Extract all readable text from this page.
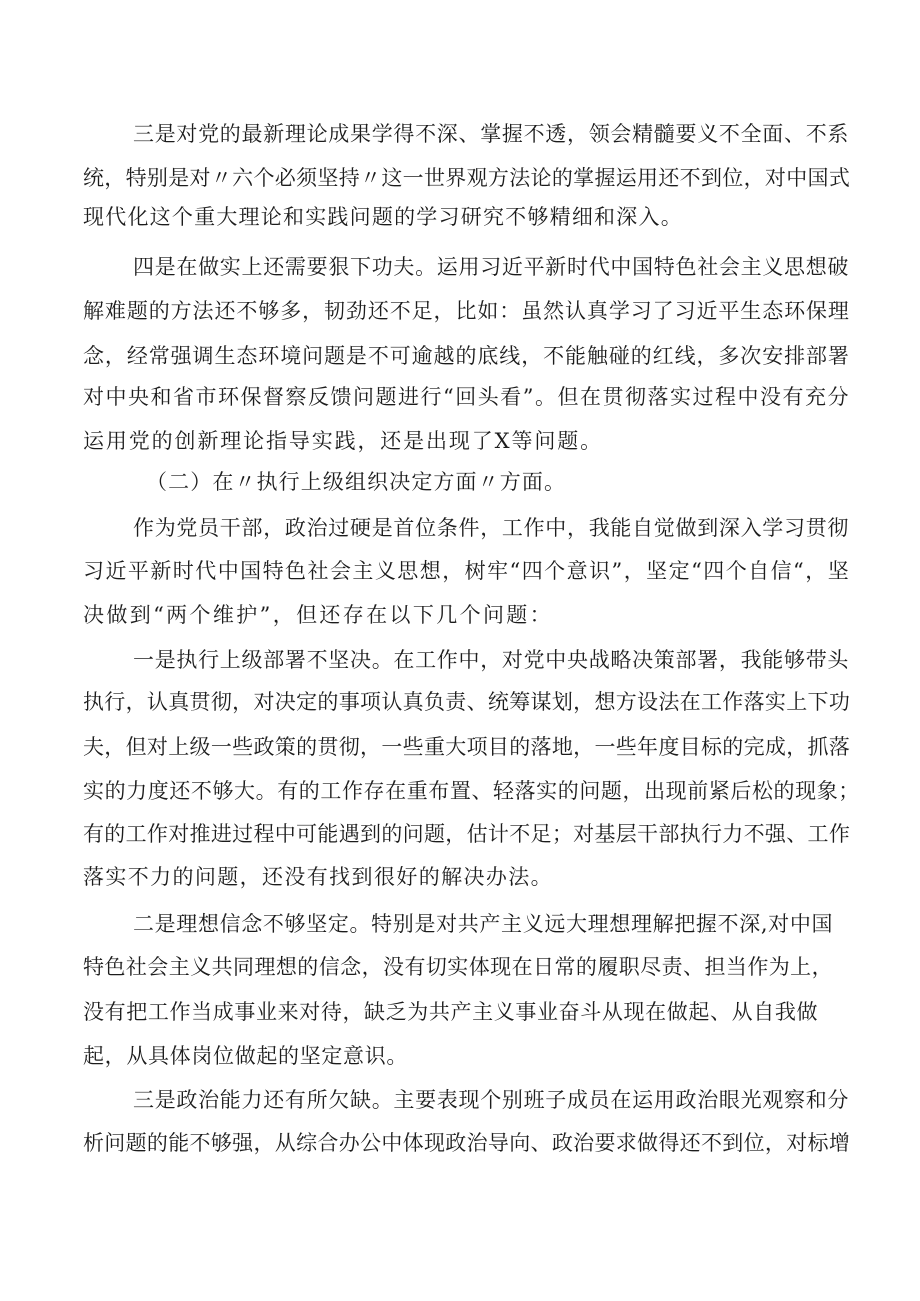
三是对党的最新理论成果学得不深、掌握不透，领会精髓要义不全面、不系
统，特别是对〃六个必须坚持〃这一世界观方法论的掌握运用还不到位，对中国式
现代化这个重大理论和实践问题的学习研究不够精细和深入。
四是在做实上还需要狠下功夫。运用习近平新时代中国特色社会主义思想破
解难题的方法还不够多，韧劲还不足，比如：虽然认真学习了习近平生态环保理
念，经常强调生态环境问题是不可逾越的底线，不能触碰的红线，多次安排部署
对中央和省市环保督察反馈问题进行“回头看”。但在贯彻落实过程中没有充分
运用党的创新理论指导实践，还是出现了X等问题。
（二）在〃执行上级组织决定方面〃方面。
作为党员干部，政治过硬是首位条件，工作中，我能自觉做到深入学习贯彻
习近平新时代中国特色社会主义思想，树牢“四个意识”，坚定“四个自信“，坚
决做到“两个维护”，但还存在以下几个问题：
一是执行上级部署不坚决。在工作中，对党中央战略决策部署，我能够带头
执行，认真贯彻，对决定的事项认真负责、统筹谋划，想方设法在工作落实上下功
夫，但对上级一些政策的贯彻，一些重大项目的落地，一些年度目标的完成，抓落
实的力度还不够大。有的工作存在重布置、轻落实的问题，出现前紧后松的现象；
有的工作对推进过程中可能遇到的问题，估计不足；对基层干部执行力不强、工作
落实不力的问题，还没有找到很好的解决办法。
二是理想信念不够坚定。特别是对共产主义远大理想理解把握不深,对中国
特色社会主义共同理想的信念，没有切实体现在日常的履职尽责、担当作为上，
没有把工作当成事业来对待，缺乏为共产主义事业奋斗从现在做起、从自我做
起，从具体岗位做起的坚定意识。
三是政治能力还有所欠缺。主要表现个别班子成员在运用政治眼光观察和分
析问题的能不够强，从综合办公中体现政治导向、政治要求做得还不到位，对标增
